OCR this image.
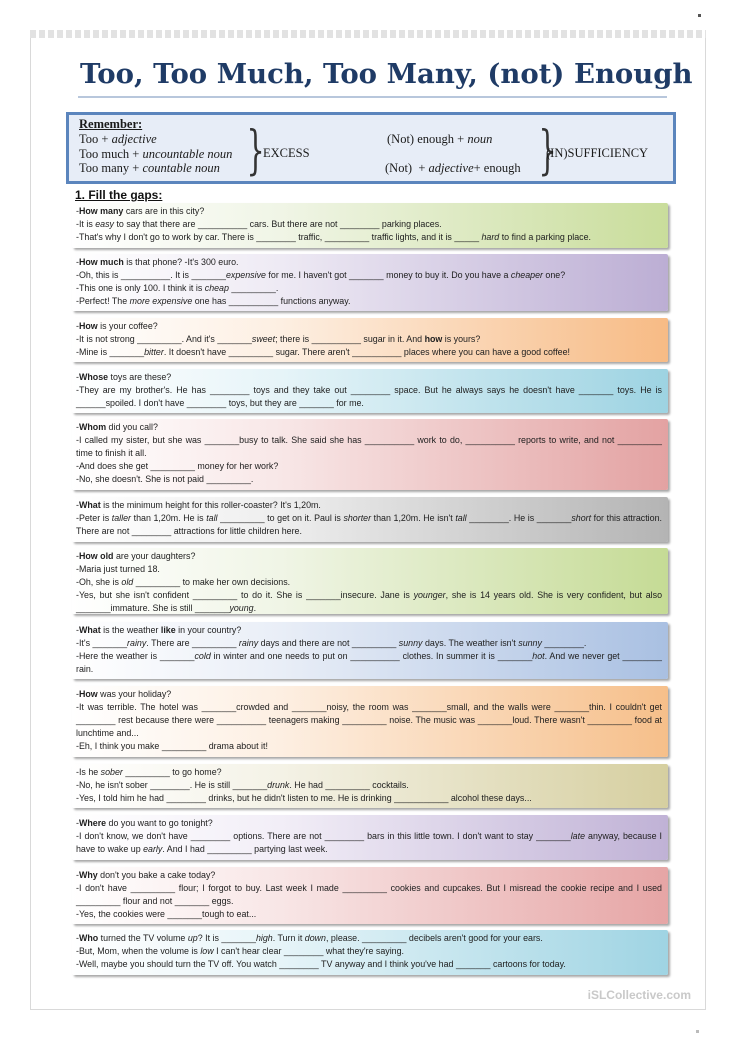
Too, Too Much, Too Many, (not) Enough
Remember:
Too + adjective
Too much + uncountable noun
Too many + countable noun }
EXCESS
(Not) enough + noun
(Not)  + adjective+ enough }
(IN)SUFFICIENCY
1. Fill the gaps:
-How many cars are in this city?
-It is easy to say that there are __________ cars. But there are not ________ parking places.
-That's why I don't go to work by car. There is ________ traffic, _________ traffic lights, and it is _____ hard to find a parking place.
-How much is that phone? -It's 300 euro.
-Oh, this is __________. It is _______expensive for me. I haven't got _______ money to buy it. Do you have a cheaper one?
-This one is only 100. I think it is cheap _________.
-Perfect! The more expensive one has __________ functions anyway.
-How is your coffee?
-It is not strong _________. And it's _______sweet; there is __________ sugar in it. And how is yours?
-Mine is _______bitter. It doesn't have _________ sugar. There aren't __________ places where you can have a good coffee!
-Whose toys are these?
-They are my brother's. He has ________ toys and they take out ________ space. But he always says he doesn't have _______ toys. He is ______spoiled. I don't have ________ toys, but they are _______ for me.
-Whom did you call?
-I called my sister, but she was _______busy to talk. She said she has __________ work to do, __________ reports to write, and not _________ time to finish it all.
-And does she get _________ money for her work?
-No, she doesn't. She is not paid _________.
-What is the minimum height for this roller-coaster? It's 1,20m.
-Peter is taller than 1,20m. He is tall _________ to get on it. Paul is shorter than 1,20m. He isn't tall ________. He is _______short for this attraction. There are not ________ attractions for little children here.
-How old are your daughters?
-Maria just turned 18.
-Oh, she is old _________ to make her own decisions.
-Yes, but she isn't confident _________ to do it. She is _______insecure. Jane is younger, she is 14 years old. She is very confident, but also _______immature. She is still _______young.
-What is the weather like in your country?
-It's _______rainy. There are _________ rainy days and there are not _________ sunny days. The weather isn't sunny ________.
-Here the weather is _______cold in winter and one needs to put on __________ clothes. In summer it is _______hot. And we never get ________ rain.
-How was your holiday?
-It was terrible. The hotel was _______crowded and _______noisy, the room was _______small, and the walls were _______thin. I couldn't get ________ rest because there were __________ teenagers making _________ noise. The music was _______loud. There wasn't _________ food at lunchtime and...
-Eh, I think you make _________ drama about it!
-Is he sober _________ to go home?
-No, he isn't sober ________. He is still _______drunk. He had _________ cocktails.
-Yes, I told him he had ________ drinks, but he didn't listen to me. He is drinking ___________ alcohol these days...
-Where do you want to go tonight?
-I don't know, we don't have ________ options. There are not ________ bars in this little town. I don't want to stay _______late anyway, because I have to wake up early. And I had _________ partying last week.
-Why don't you bake a cake today?
-I don't have _________ flour; I forgot to buy. Last week I made _________ cookies and cupcakes. But I misread the cookie recipe and I used _________ flour and not _______ eggs.
-Yes, the cookies were _______tough to eat...
-Who turned the TV volume up? It is _______high. Turn it down, please. _________ decibels aren't good for your ears.
-But, Mom, when the volume is low I can't hear clear ________ what they're saying.
-Well, maybe you should turn the TV off. You watch ________ TV anyway and I think you've had _______ cartoons for today.
iSLCollective.com
